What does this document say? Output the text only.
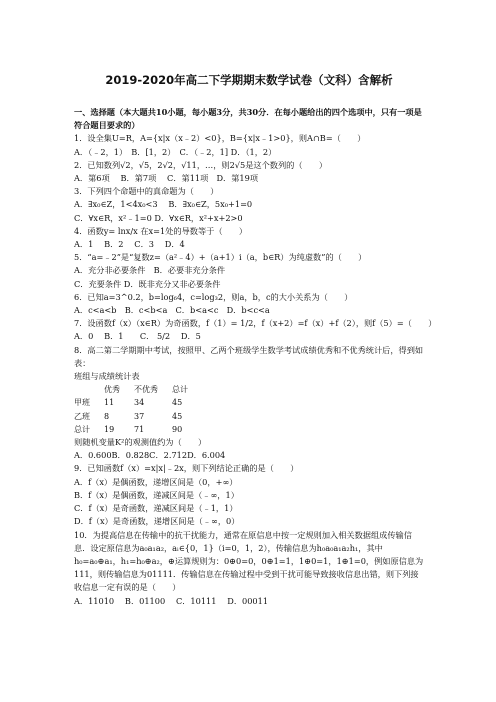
2019-2020年高二下学期期末数学试卷（文科）含解析
一、选择题（本大题共10小题，每小题3分，共30分．在每小题给出的四个选项中，只有一项是符合题目要求的）
1．设全集U=R，A={x|x（x﹣2）<0}，B={x|x﹣1>0}，则A∩B=（　　）
A．（﹣2，1）　B．[1，2）　C．（﹣2，1] D．（1，2）
2．已知数列√2，√5，2√2，√11，…，则2√5是这个数列的（　　）
A．第6项　 B．第7项　 C．第11项　D．第19项
3．下列四个命题中的真命题为（　　）
A．∃x₀∈Z，1<4x₀<3　 B．∃x₀∈Z，5x₀+1=0
C．∀x∈R，x²﹣1=0 D．∀x∈R，x²+x+2>0
4．函数y= lnx/x 在x=1处的导数等于（　　）
A．1　 B．2　 C．3　 D．4
5．“a=﹣2”是“复数z=（a²﹣4）+（a+1）i（a，b∈R）为纯虚数”的（　　）
A．充分非必要条件　B．必要非充分条件
C．充要条件 D．既非充分又非必要条件
6．已知a=3^0.2，b=log₆4，c=log₃2，则a，b，c的大小关系为（　　）
A．c<a<b　B．c<b<a　C．b<a<c　D．b<c<a
7．设函数f（x）（x∈R）为奇函数，f（1）= 1/2，f（x+2）=f（x）+f（2），则f（5）=（　　）
A．0　 B．1　　C． 5/2　 D．5
8．高二第二学期期中考试，按照甲、乙两个班级学生数学考试成绩优秀和不优秀统计后，得到如表：
班组与成绩统计表
	优秀	不优秀	总计
甲班	11	34	45
乙班	8	37	45
总计	19	71	90
则随机变量K²的观测值约为（　　）
A．0.600B．0.828C．2.712D．6.004
9．已知函数f（x）=x|x|﹣2x，则下列结论正确的是（　　）
A．f（x）是偶函数，递增区间是（0，+∞）
B．f（x）是偶函数，递减区间是（﹣∞，1）
C．f（x）是奇函数，递减区间是（﹣1，1）
D．f（x）是奇函数，递增区间是（﹣∞，0）
10．为提高信息在传输中的抗干扰能力，通常在原信息中按一定规则加入相关数据组成传输信息．设定原信息为a₀a₁a₂，aᵢ∈{0，1}（i=0，1，2），传输信息为h₀a₀a₁a₂h₁，其中h₀=a₀⊕a₁，h₁=h₀⊕a₂，⊕运算规则为：0⊕0=0，0⊕1=1，1⊕0=1，1⊕1=0，例如原信息为111，则传输信息为01111．传输信息在传输过程中受到干扰可能导致接收信息出错，则下列接收信息一定有误的是（　　）
A．11010　 B．01100　 C．10111　 D．00011
